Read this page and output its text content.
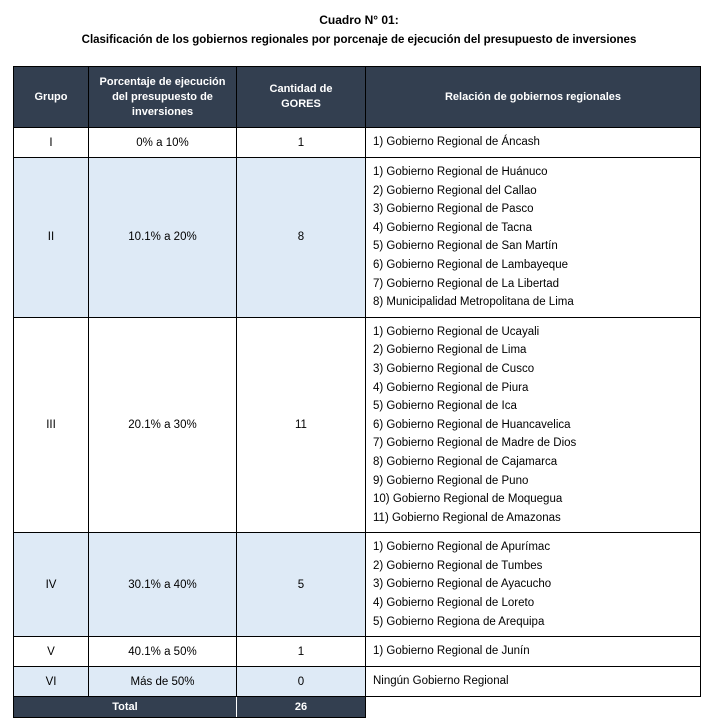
Cuadro N° 01:
Clasificación de los gobiernos regionales por porcenaje de ejecución del presupuesto de inversiones
Grupo	Porcentaje de ejecución del presupuesto de inversiones	Cantidad de GORES	Relación de gobiernos regionales
I	0% a 10%	1	1) Gobierno Regional de Áncash

II	10.1% a 20%	8	
1) Gobierno Regional de Huánuco
2) Gobierno Regional del Callao
3) Gobierno Regional de Pasco
4) Gobierno Regional de Tacna
5) Gobierno Regional de San Martín
6) Gobierno Regional de Lambayeque
7) Gobierno Regional de La Libertad
8) Municipalidad Metropolitana de Lima

III	20.1% a 30%	11	
1) Gobierno Regional de Ucayali
2) Gobierno Regional de Lima
3) Gobierno Regional de Cusco
4) Gobierno Regional de Piura
5) Gobierno Regional de Ica
6) Gobierno Regional de Huancavelica
7) Gobierno Regional de Madre de Dios
8) Gobierno Regional de Cajamarca
9) Gobierno Regional de Puno
10) Gobierno Regional de Moquegua
11) Gobierno Regional de Amazonas

IV	30.1% a 40%	5	1) Gobierno Regional de Apurímac
2) Gobierno Regional de Tumbes
3) Gobierno Regional de Ayacucho
4) Gobierno Regional de Loreto
5) Gobierno Regiona de Arequipa

V	40.1% a 50%	1	1) Gobierno Regional de Junín

VI	Más de 50%	0	Ningún Gobierno Regional

Total		26	
